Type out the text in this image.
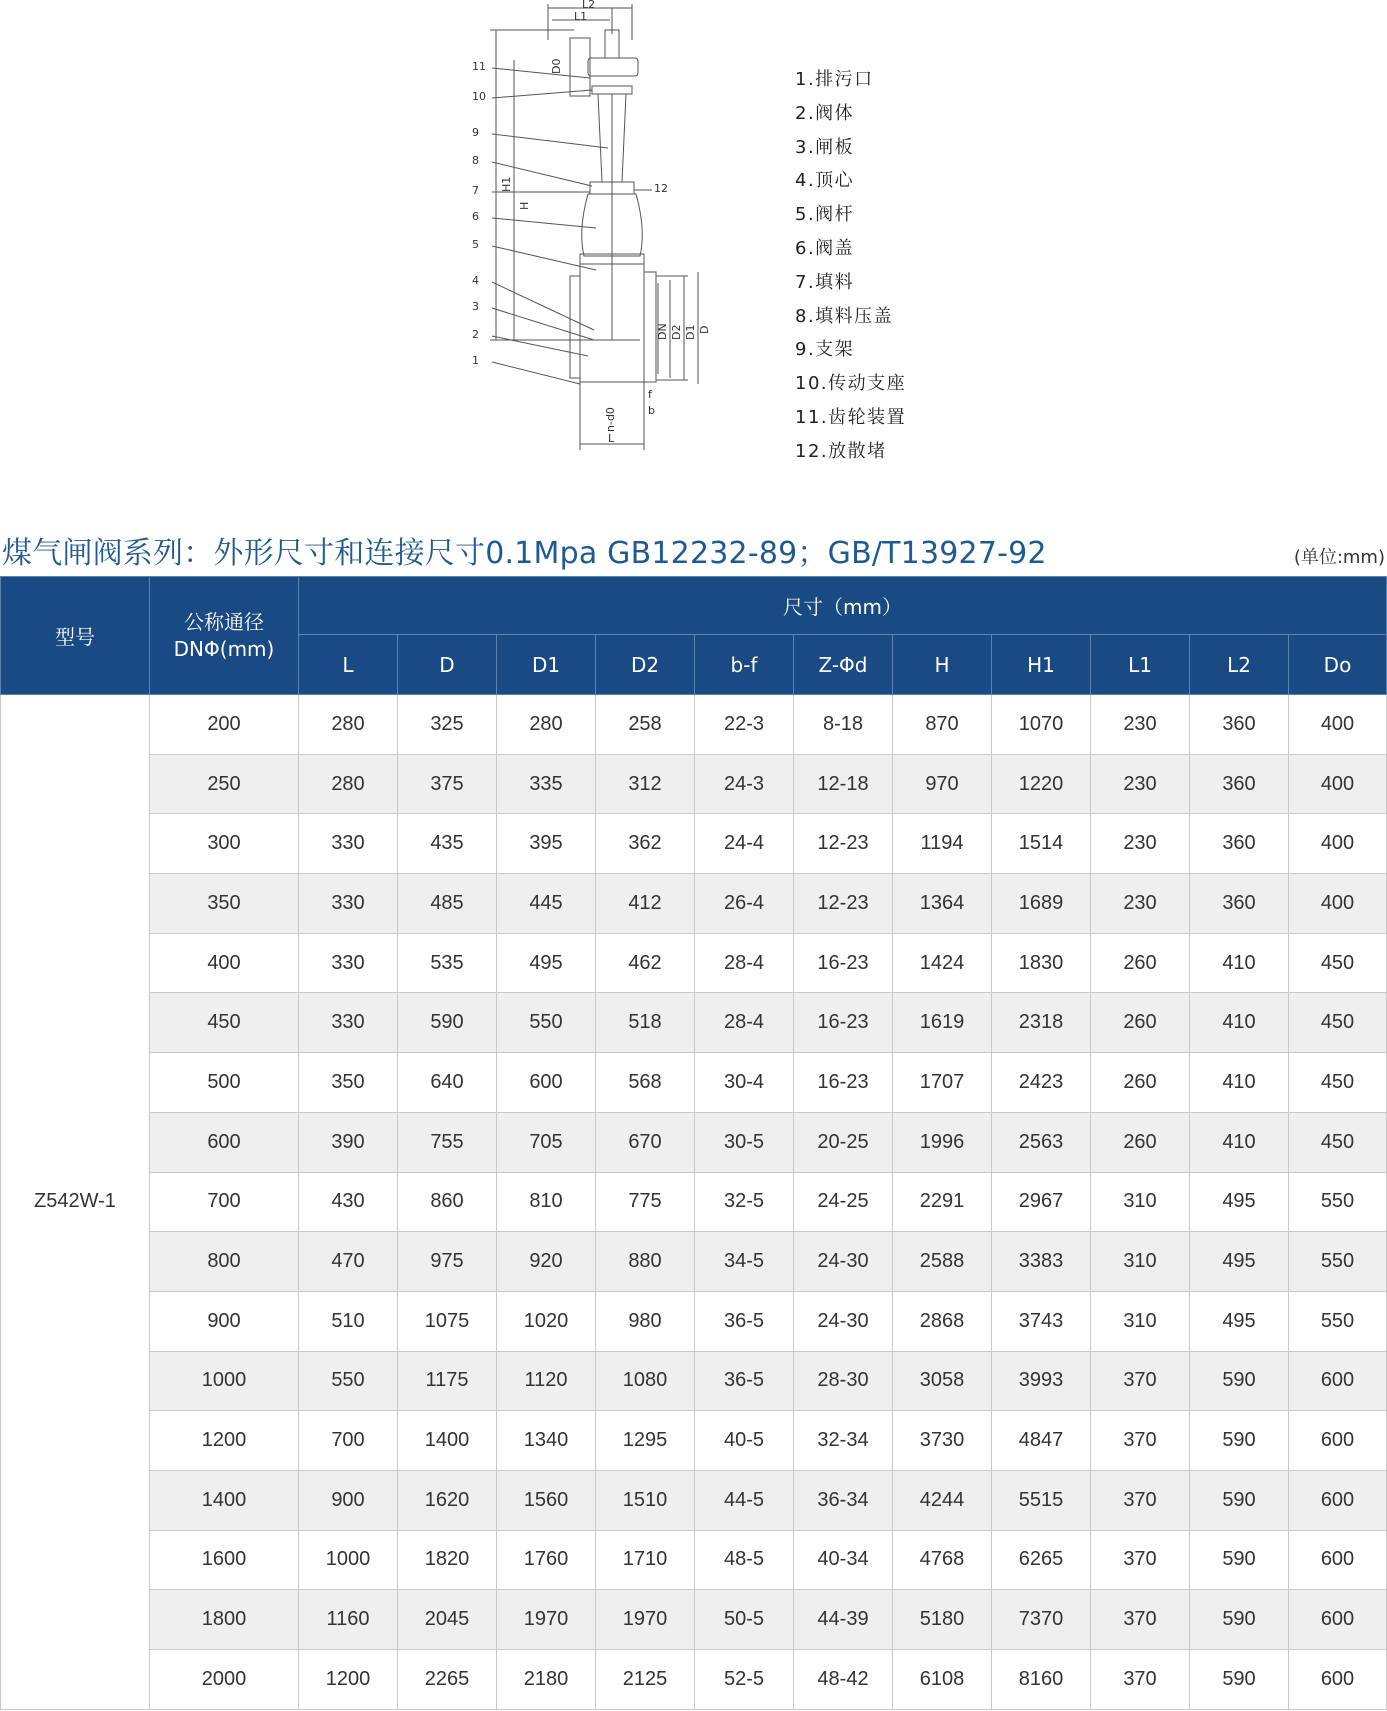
11
10
9
8
7
6
5
4
3
2
1
12
L2
L1
D0
H1
H
DN D2 D1 D
f
b
n-d0
L
1.排污口
2.阀体
3.闸板
4.顶心
5.阀杆
6.阀盖
7.填料
8.填料压盖
9.支架
10.传动支座
11.齿轮装置
12.放散堵
煤气闸阀系列：外形尺寸和连接尺寸0.1Mpa GB12232-89；GB/T13927-92	(单位:mm)
型号	公称通径
DNΦ(mm)	尺寸（mm）										
		L	D	D1	D2	b-f	Z-Φd	H	H1	L1	L2	Do
Z542W-1	200	280	325	280	258	22-3	8-18	870	1070	230	360	400
	250	280	375	335	312	24-3	12-18	970	1220	230	360	400
	300	330	435	395	362	24-4	12-23	1194	1514	230	360	400
	350	330	485	445	412	26-4	12-23	1364	1689	230	360	400
	400	330	535	495	462	28-4	16-23	1424	1830	260	410	450
	450	330	590	550	518	28-4	16-23	1619	2318	260	410	450
	500	350	640	600	568	30-4	16-23	1707	2423	260	410	450
	600	390	755	705	670	30-5	20-25	1996	2563	260	410	450
	700	430	860	810	775	32-5	24-25	2291	2967	310	495	550
	800	470	975	920	880	34-5	24-30	2588	3383	310	495	550
	900	510	1075	1020	980	36-5	24-30	2868	3743	310	495	550
	1000	550	1175	1120	1080	36-5	28-30	3058	3993	370	590	600
	1200	700	1400	1340	1295	40-5	32-34	3730	4847	370	590	600
	1400	900	1620	1560	1510	44-5	36-34	4244	5515	370	590	600
	1600	1000	1820	1760	1710	48-5	40-34	4768	6265	370	590	600
	1800	1160	2045	1970	1970	50-5	44-39	5180	7370	370	590	600
	2000	1200	2265	2180	2125	52-5	48-42	6108	8160	370	590	600
